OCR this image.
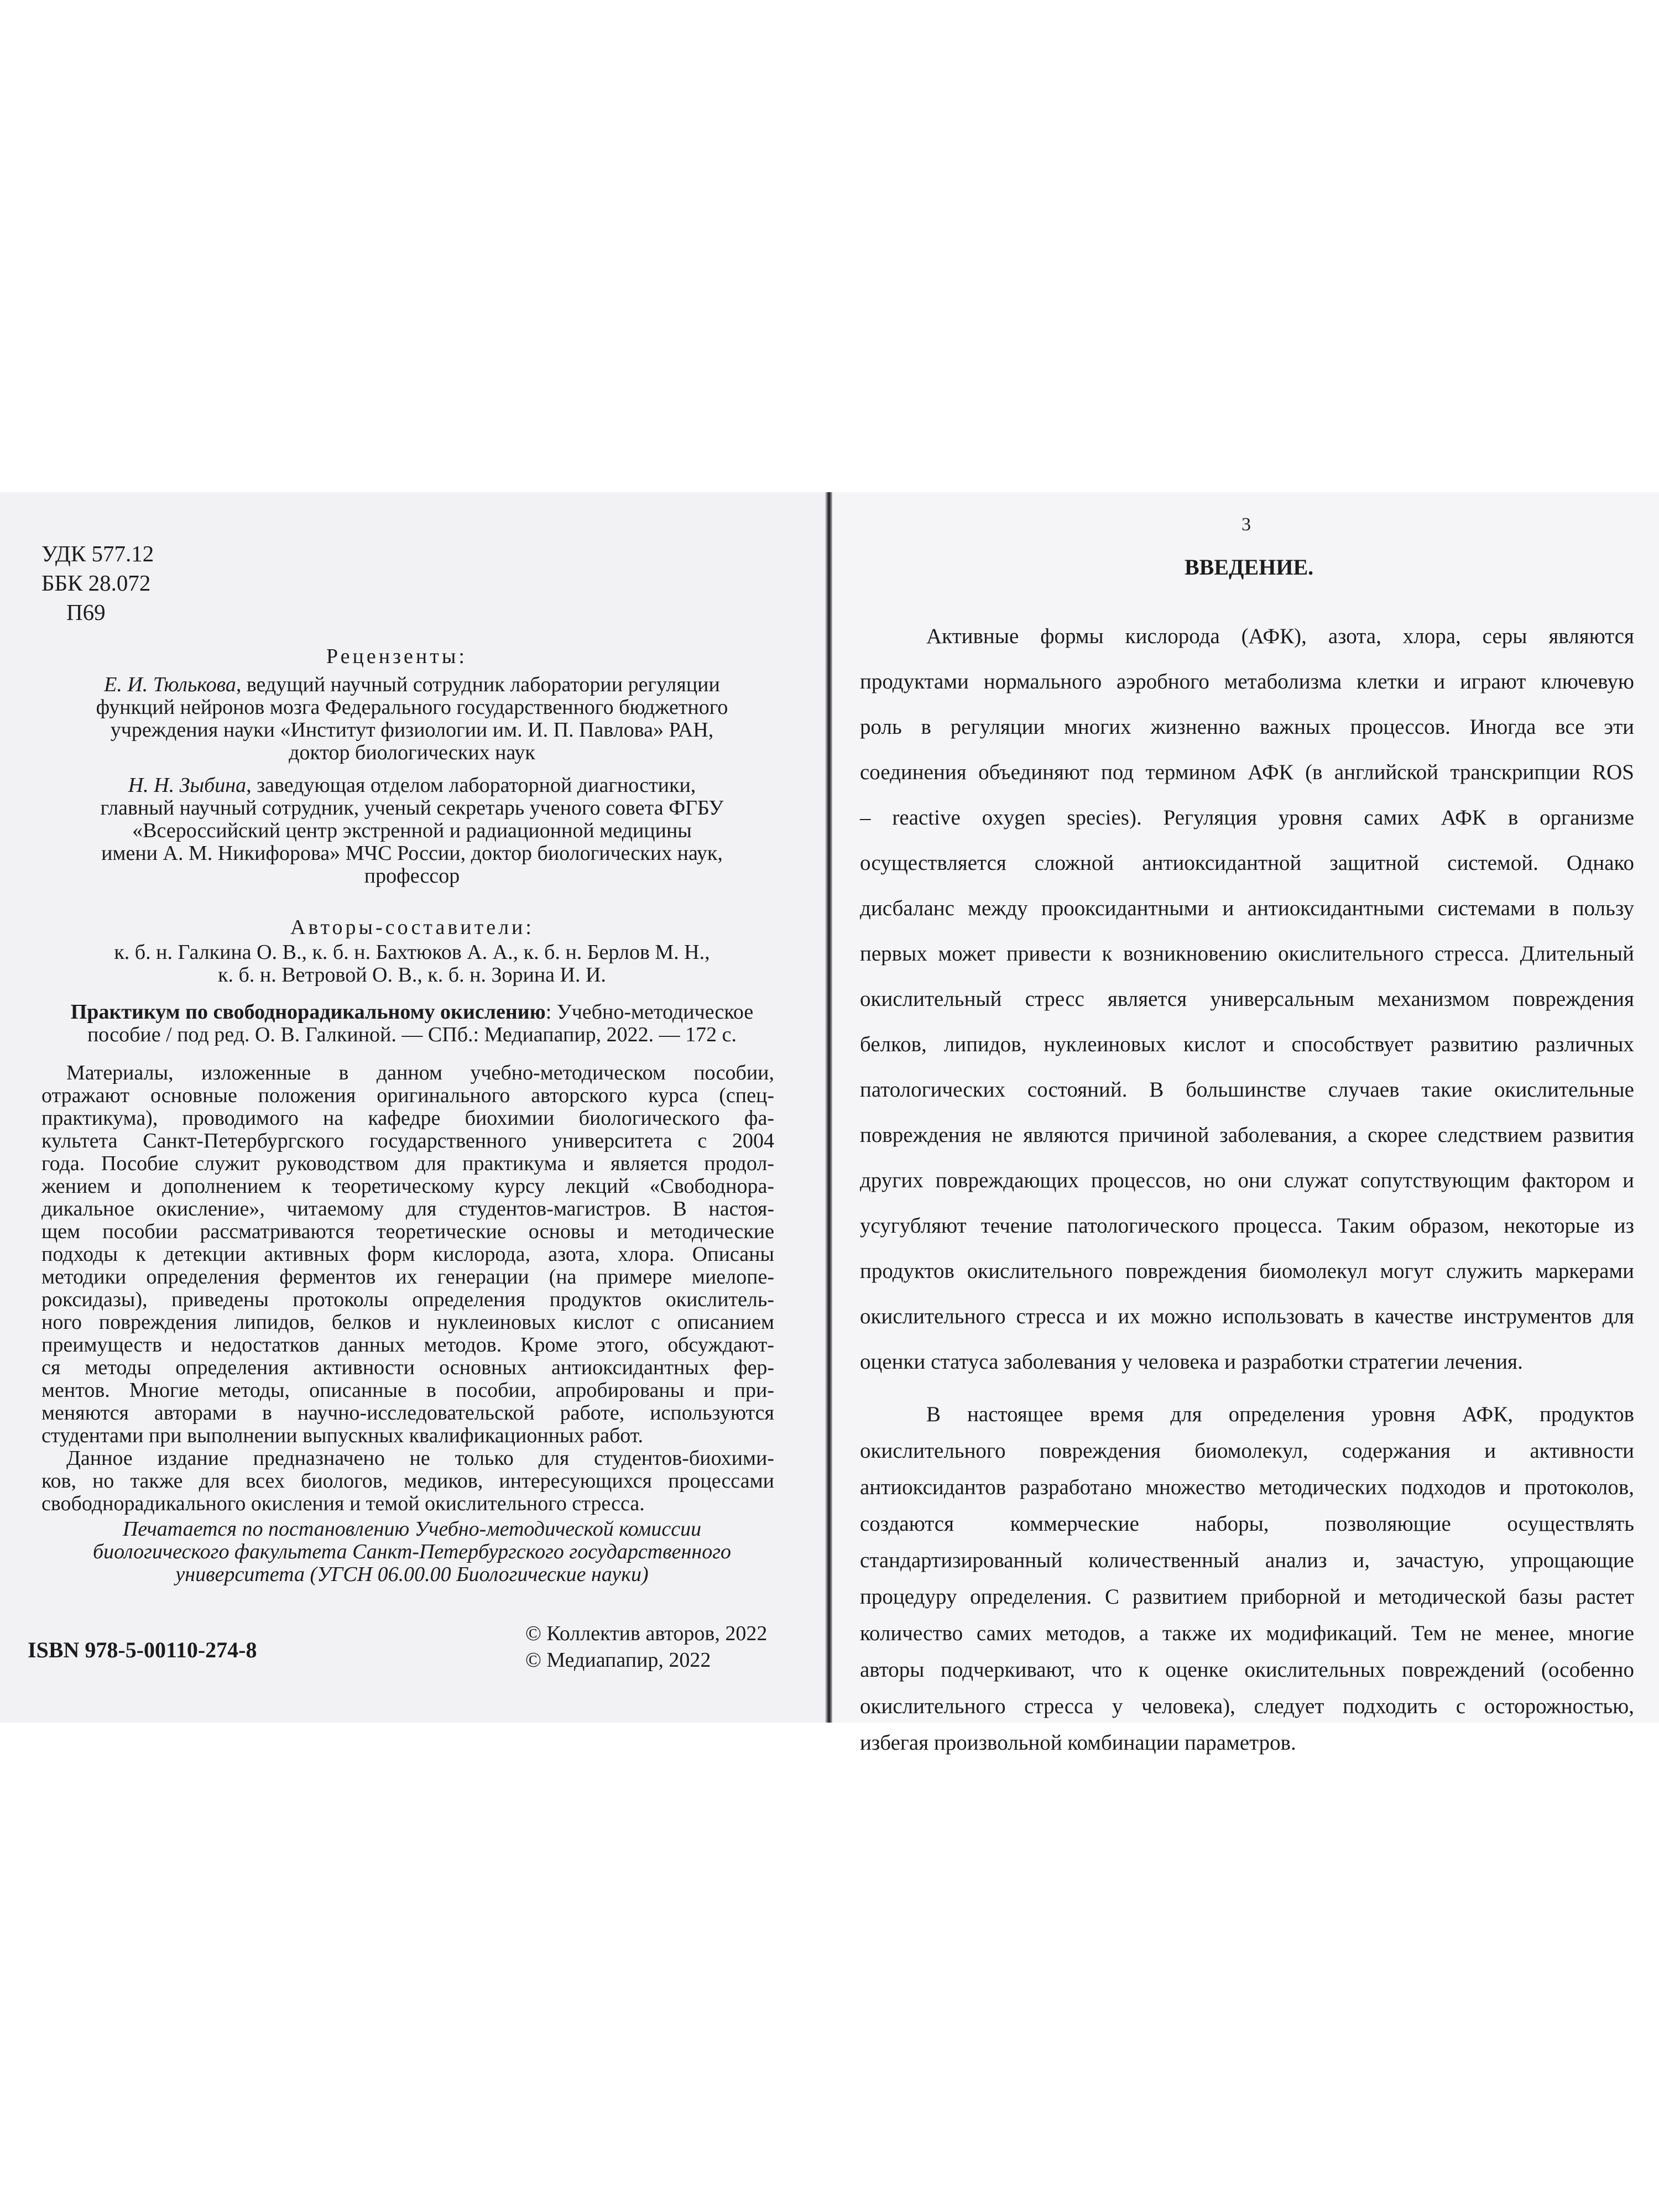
УДК 577.12
ББК 28.072
П69
Рецензенты:
Е. И. Тюлькова, ведущий научный сотрудник лаборатории регуляции
функций нейронов мозга Федерального государственного бюджетного
учреждения науки «Институт физиологии им. И. П. Павлова» РАН,
доктор биологических наук
Н. Н. Зыбина, заведующая отделом лабораторной диагностики,
главный научный сотрудник, ученый секретарь ученого совета ФГБУ
«Всероссийский центр экстренной и радиационной медицины
имени А. М. Никифорова» МЧС России, доктор биологических наук,
профессор
Авторы-составители:
к. б. н. Галкина О. В., к. б. н. Бахтюков А. А., к. б. н. Берлов М. Н.,
к. б. н. Ветровой О. В., к. б. н. Зорина И. И.
Практикум по свободнорадикальному окислению: Учебно-методическое
пособие / под ред. О. В. Галкиной. — СПб.: Медиапапир, 2022. — 172 с.
Материалы, изложенные в данном учебно-методическом пособии,
отражают основные положения оригинального авторского курса (спец-
практикума), проводимого на кафедре биохимии биологического фа-
культета Санкт-Петербургского государственного университета с 2004
года. Пособие служит руководством для практикума и является продол-
жением и дополнением к теоретическому курсу лекций «Свободнора-
дикальное окисление», читаемому для студентов-магистров. В настоя-
щем пособии рассматриваются теоретические основы и методические
подходы к детекции активных форм кислорода, азота, хлора. Описаны
методики определения ферментов их генерации (на примере миелопе-
роксидазы), приведены протоколы определения продуктов окислитель-
ного повреждения липидов, белков и нуклеиновых кислот с описанием
преимуществ и недостатков данных методов. Кроме этого, обсуждают-
ся методы определения активности основных антиоксидантных фер-
ментов. Многие методы, описанные в пособии, апробированы и при-
меняются авторами в научно-исследовательской работе, используются
студентами при выполнении выпускных квалификационных работ.
Данное издание предназначено не только для студентов-биохими-
ков, но также для всех биологов, медиков, интересующихся процессами
свободнорадикального окисления и темой окислительного стресса.
Печатается по постановлению Учебно-методической комиссии
биологического факультета Санкт-Петербургского государственного
университета (УГСН 06.00.00 Биологические науки)
ISBN 978-5-00110-274-8
© Коллектив авторов, 2022
© Медиапапир, 2022
3
ВВЕДЕНИЕ.
Активные формы кислорода (АФК), азота, хлора, серы являются
продуктами нормального аэробного метаболизма клетки и играют ключевую
роль в регуляции многих жизненно важных процессов. Иногда все эти
соединения объединяют под термином АФК (в английской транскрипции ROS
– reactive oxygen species). Регуляция уровня самих АФК в организме
осуществляется сложной антиоксидантной защитной системой. Однако
дисбаланс между прооксидантными и антиоксидантными системами в пользу
первых может привести к возникновению окислительного стресса. Длительный
окислительный стресс является универсальным механизмом повреждения
белков, липидов, нуклеиновых кислот и способствует развитию различных
патологических состояний. В большинстве случаев такие окислительные
повреждения не являются причиной заболевания, а скорее следствием развития
других повреждающих процессов, но они служат сопутствующим фактором и
усугубляют течение патологического процесса. Таким образом, некоторые из
продуктов окислительного повреждения биомолекул могут служить маркерами
окислительного стресса и их можно использовать в качестве инструментов для
оценки статуса заболевания у человека и разработки стратегии лечения.
В настоящее время для определения уровня АФК, продуктов
окислительного повреждения биомолекул, содержания и активности
антиоксидантов разработано множество методических подходов и протоколов,
создаются коммерческие наборы, позволяющие осуществлять
стандартизированный количественный анализ и, зачастую, упрощающие
процедуру определения. С развитием приборной и методической базы растет
количество самих методов, а также их модификаций. Тем не менее, многие
авторы подчеркивают, что к оценке окислительных повреждений (особенно
окислительного стресса у человека), следует подходить с осторожностью,
избегая произвольной комбинации параметров.
